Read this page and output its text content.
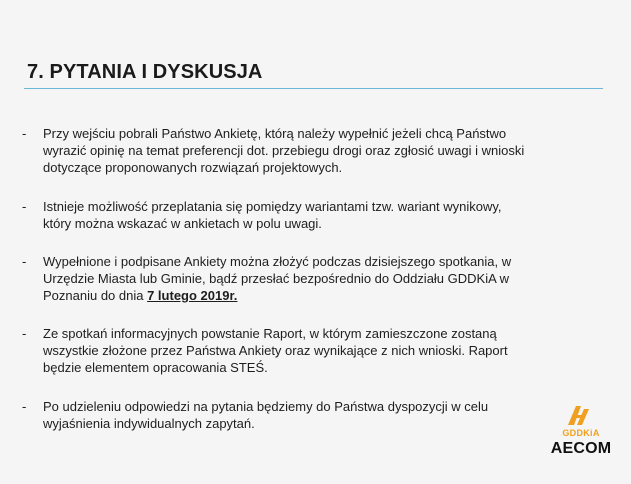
7. PYTANIA I DYSKUSJA
- Przy wejściu pobrali Państwo Ankietę, którą należy wypełnić jeżeli chcą Państwo
wyrazić opinię na temat preferencji dot. przebiegu drogi oraz zgłosić uwagi i wnioski
dotyczące proponowanych rozwiązań projektowych.
- Istnieje możliwość przeplatania się pomiędzy wariantami tzw. wariant wynikowy,
który można wskazać w ankietach w polu uwagi.
- Wypełnione i podpisane Ankiety można złożyć podczas dzisiejszego spotkania, w
Urzędzie Miasta lub Gminie, bądź przesłać bezpośrednio do Oddziału GDDKiA w
Poznaniu do dnia 7 lutego 2019r.
- Ze spotkań informacyjnych powstanie Raport, w którym zamieszczone zostaną
wszystkie złożone przez Państwa Ankiety oraz wynikające z nich wnioski. Raport
będzie elementem opracowania STEŚ.
- Po udzieleniu odpowiedzi na pytania będziemy do Państwa dyspozycji w celu
wyjaśnienia indywidualnych zapytań.
GDDKiA
AECOM
